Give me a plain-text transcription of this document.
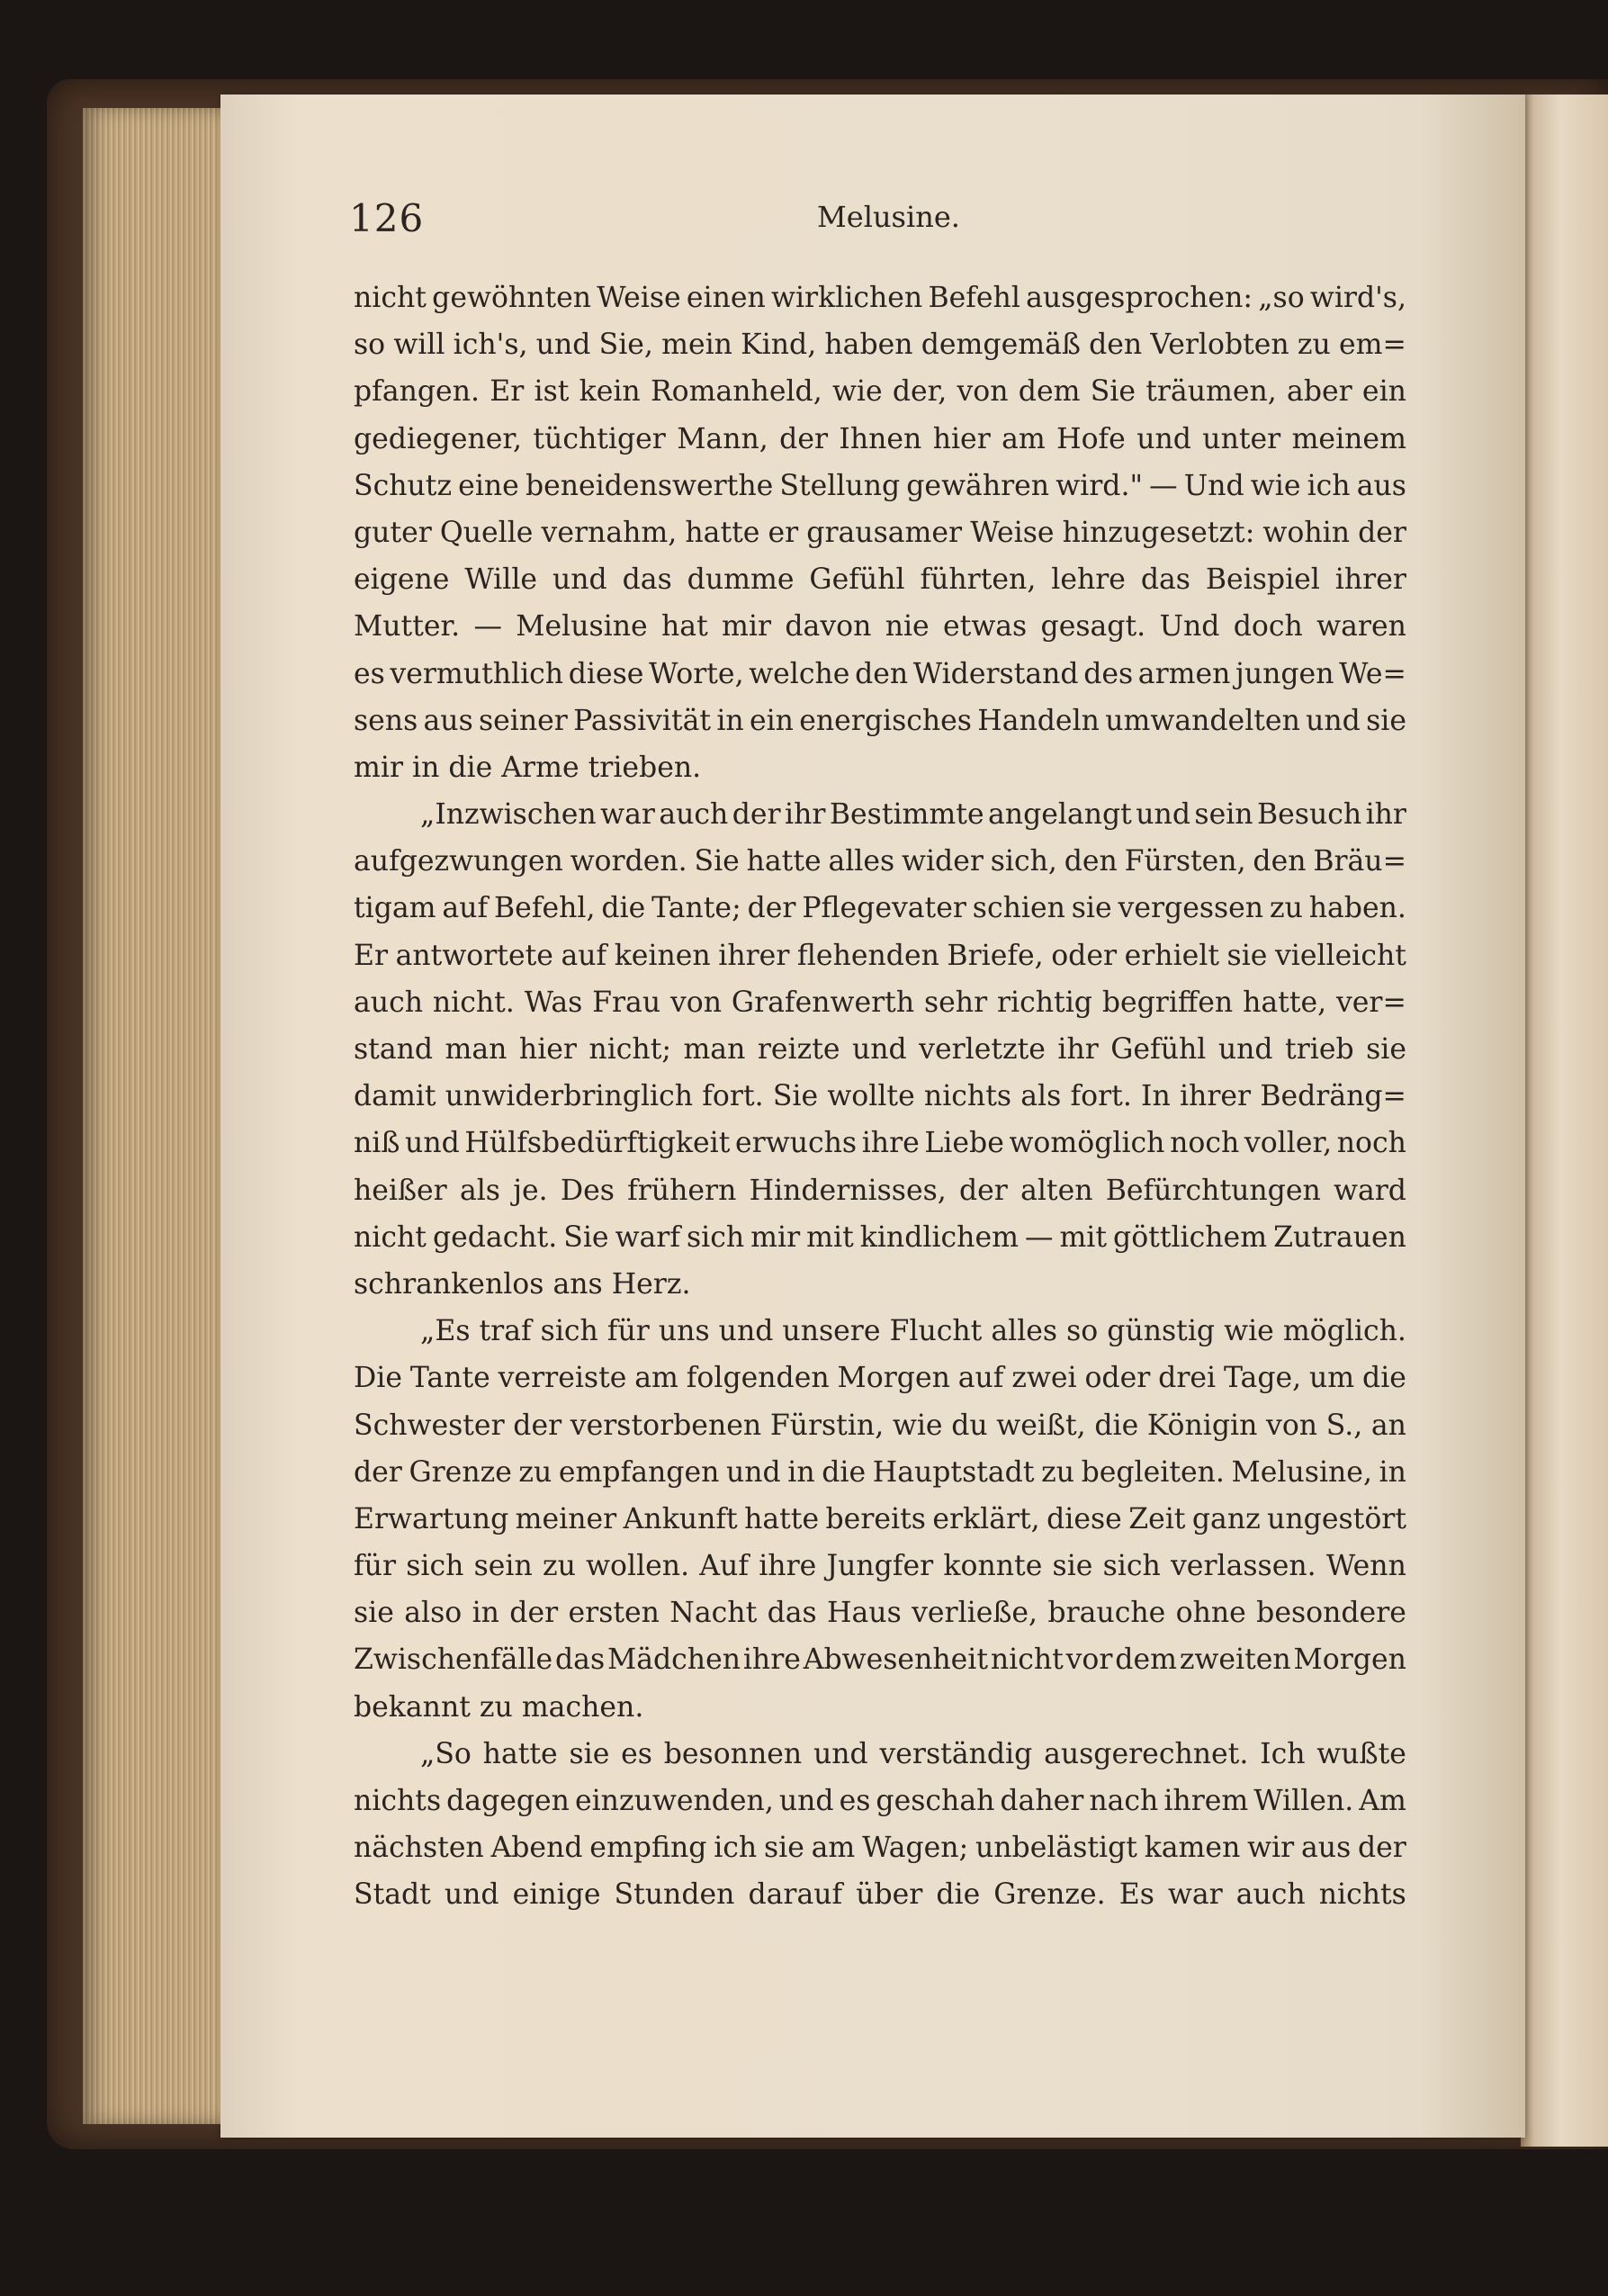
126	Melusine.
nicht gewöhnten Weise einen wirklichen Befehl ausgesprochen: „so wird's,
so will ich's, und Sie, mein Kind, haben demgemäß den Verlobten zu em=
pfangen. Er ist kein Romanheld, wie der, von dem Sie träumen, aber ein
gediegener, tüchtiger Mann, der Ihnen hier am Hofe und unter meinem
Schutz eine beneidenswerthe Stellung gewähren wird." — Und wie ich aus
guter Quelle vernahm, hatte er grausamer Weise hinzugesetzt: wohin der
eigene Wille und das dumme Gefühl führten, lehre das Beispiel ihrer
Mutter. — Melusine hat mir davon nie etwas gesagt. Und doch waren
es vermuthlich diese Worte, welche den Widerstand des armen jungen We=
sens aus seiner Passivität in ein energisches Handeln umwandelten und sie
mir in die Arme trieben.
„Inzwischen war auch der ihr Bestimmte angelangt und sein Besuch ihr
aufgezwungen worden. Sie hatte alles wider sich, den Fürsten, den Bräu=
tigam auf Befehl, die Tante; der Pflegevater schien sie vergessen zu haben.
Er antwortete auf keinen ihrer flehenden Briefe, oder erhielt sie vielleicht
auch nicht. Was Frau von Grafenwerth sehr richtig begriffen hatte, ver=
stand man hier nicht; man reizte und verletzte ihr Gefühl und trieb sie
damit unwiderbringlich fort. Sie wollte nichts als fort. In ihrer Bedräng=
niß und Hülfsbedürftigkeit erwuchs ihre Liebe womöglich noch voller, noch
heißer als je. Des frühern Hindernisses, der alten Befürchtungen ward
nicht gedacht. Sie warf sich mir mit kindlichem — mit göttlichem Zutrauen
schrankenlos ans Herz.
„Es traf sich für uns und unsere Flucht alles so günstig wie möglich.
Die Tante verreiste am folgenden Morgen auf zwei oder drei Tage, um die
Schwester der verstorbenen Fürstin, wie du weißt, die Königin von S., an
der Grenze zu empfangen und in die Hauptstadt zu begleiten. Melusine, in
Erwartung meiner Ankunft hatte bereits erklärt, diese Zeit ganz ungestört
für sich sein zu wollen. Auf ihre Jungfer konnte sie sich verlassen. Wenn
sie also in der ersten Nacht das Haus verließe, brauche ohne besondere
Zwischenfälle das Mädchen ihre Abwesenheit nicht vor dem zweiten Morgen
bekannt zu machen.
„So hatte sie es besonnen und verständig ausgerechnet. Ich wußte
nichts dagegen einzuwenden, und es geschah daher nach ihrem Willen. Am
nächsten Abend empfing ich sie am Wagen; unbelästigt kamen wir aus der
Stadt und einige Stunden darauf über die Grenze. Es war auch nichts
